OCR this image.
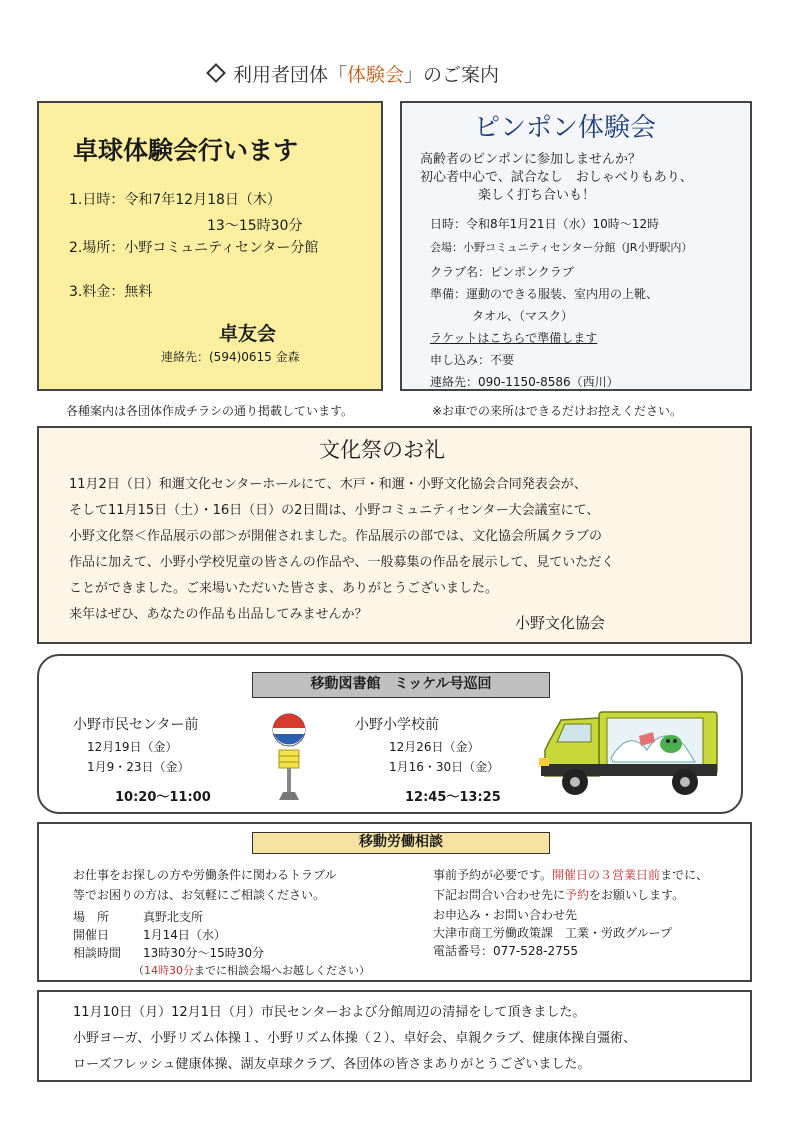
利用者団体「体験会」のご案内
卓球体験会行います
1.日時：令和7年12月18日（木）
13〜15時30分
2.場所：小野コミュニティセンター分館
3.料金：無料
卓友会
連絡先：(594)0615 金森
ピンポン体験会
高齢者のピンポンに参加しませんか？
初心者中心で、試合なし　おしゃべりもあり、
楽しく打ち合いも！
日時：令和8年1月21日（水）10時〜12時
会場：小野コミュニティセンター分館（JR小野駅内）
クラブ名：ピンポンクラブ
準備：運動のできる服装、室内用の上靴、
タオル、（マスク）
ラケットはこちらで準備します
申し込み：不要
連絡先：090-1150-8586（西川）
各種案内は各団体作成チラシの通り掲載しています。	※お車での来所はできるだけお控えください。
文化祭のお礼
11月2日（日）和邇文化センターホールにて、木戸・和邇・小野文化協会合同発表会が、
そして11月15日（土）・16日（日）の2日間は、小野コミュニティセンター大会議室にて、
小野文化祭＜作品展示の部＞が開催されました。作品展示の部では、文化協会所属クラブの
作品に加えて、小野小学校児童の皆さんの作品や、一般募集の作品を展示して、見ていただく
ことができました。ご来場いただいた皆さま、ありがとうございました。
来年はぜひ、あなたの作品も出品してみませんか？	小野文化協会
移動図書館　ミッケル号巡回
小野市民センター前
12月19日（金）
1月9・23日（金）
10:20〜11:00
小野小学校前
12月26日（金）
1月16・30日（金）
12:45〜13:25
移動労働相談
お仕事をお探しの方や労働条件に関わるトラブル
等でお困りの方は、お気軽にご相談ください。
場　所	真野北支所
開催日	1月14日（水）
相談時間 13時30分〜15時30分
（14時30分までに相談会場へお越しください）
事前予約が必要です。開催日の３営業日前までに、
下記お問合い合わせ先に予約をお願いします。
お申込み・お問い合わせ先
大津市商工労働政策課　工業・労政グループ
電話番号：077-528-2755
11月10日（月）12月1日（月）市民センターおよび分館周辺の清掃をして頂きました。
小野ヨーガ、小野リズム体操１、小野リズム体操（２）、卓好会、卓親クラブ、健康体操自彊術、
ローズフレッシュ健康体操、湖友卓球クラブ、各団体の皆さまありがとうございました。
